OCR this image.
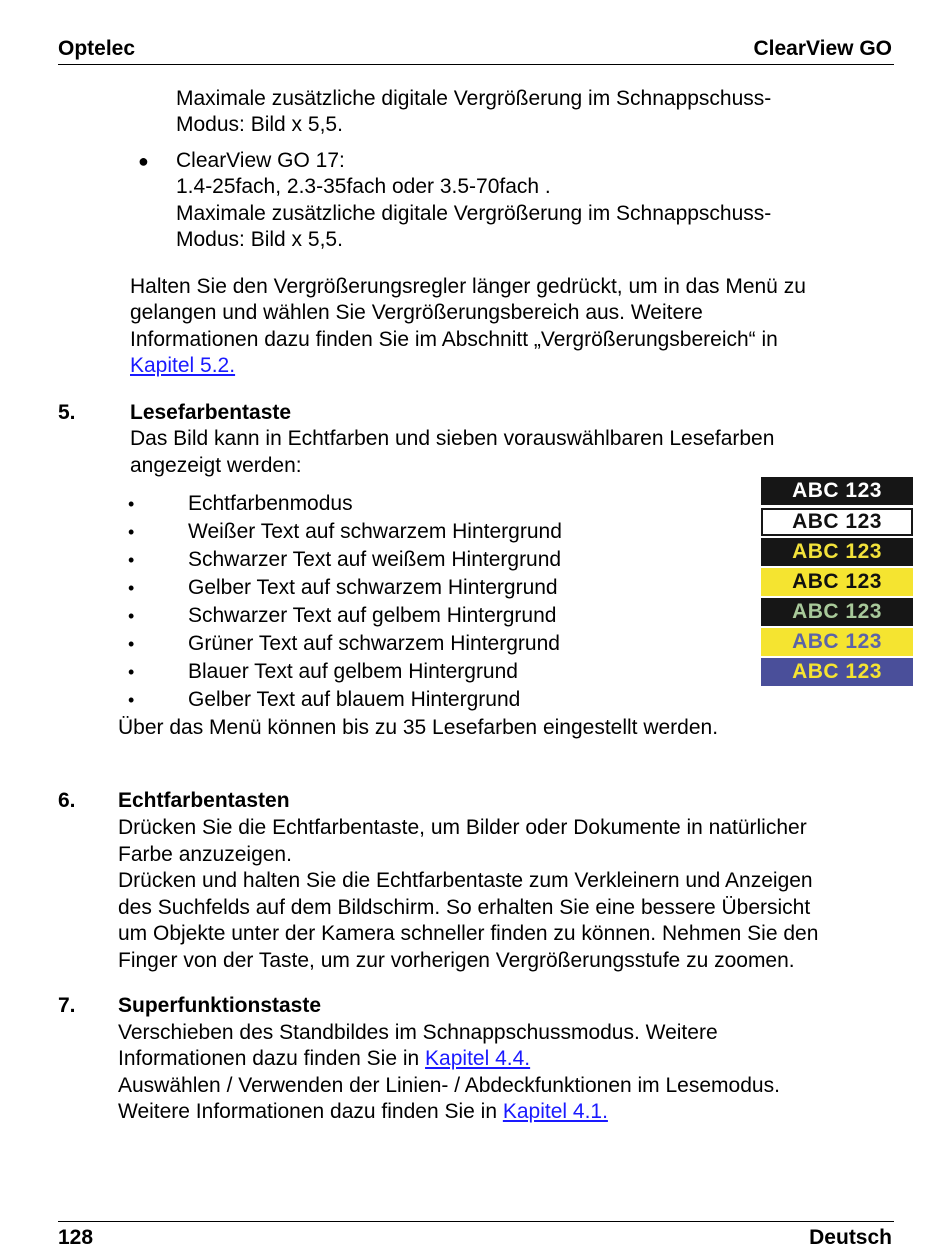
Optelec	ClearView GO
Maximale zusätzliche digitale Vergrößerung im Schnappschuss-
Modus: Bild x 5,5.
● ClearView GO 17:
1.4-25fach, 2.3-35fach oder 3.5-70fach .
Maximale zusätzliche digitale Vergrößerung im Schnappschuss-
Modus: Bild x 5,5.
Halten Sie den Vergrößerungsregler länger gedrückt, um in das Menü zu
gelangen und wählen Sie Vergrößerungsbereich aus. Weitere
Informationen dazu finden Sie im Abschnitt „Vergrößerungsbereich“ in
Kapitel 5.2.
5.	Lesefarbentaste
Das Bild kann in Echtfarben und sieben vorauswählbaren Lesefarben
angezeigt werden:
•	Echtfarbenmodus
•	Weißer Text auf schwarzem Hintergrund
•	Schwarzer Text auf weißem Hintergrund
•	Gelber Text auf schwarzem Hintergrund
•	Schwarzer Text auf gelbem Hintergrund
•	Grüner Text auf schwarzem Hintergrund
•	Blauer Text auf gelbem Hintergrund
•	Gelber Text auf blauem Hintergrund
ABC 123
ABC 123
ABC 123
ABC 123
ABC 123
ABC 123
ABC 123
Über das Menü können bis zu 35 Lesefarben eingestellt werden.
6. Echtfarbentasten
Drücken Sie die Echtfarbentaste, um Bilder oder Dokumente in natürlicher
Farbe anzuzeigen.
Drücken und halten Sie die Echtfarbentaste zum Verkleinern und Anzeigen
des Suchfelds auf dem Bildschirm. So erhalten Sie eine bessere Übersicht
um Objekte unter der Kamera schneller finden zu können. Nehmen Sie den
Finger von der Taste, um zur vorherigen Vergrößerungsstufe zu zoomen.
7. Superfunktionstaste
Verschieben des Standbildes im Schnappschussmodus. Weitere
Informationen dazu finden Sie in Kapitel 4.4.
Auswählen / Verwenden der Linien- / Abdeckfunktionen im Lesemodus.
Weitere Informationen dazu finden Sie in Kapitel 4.1.
128	Deutsch
